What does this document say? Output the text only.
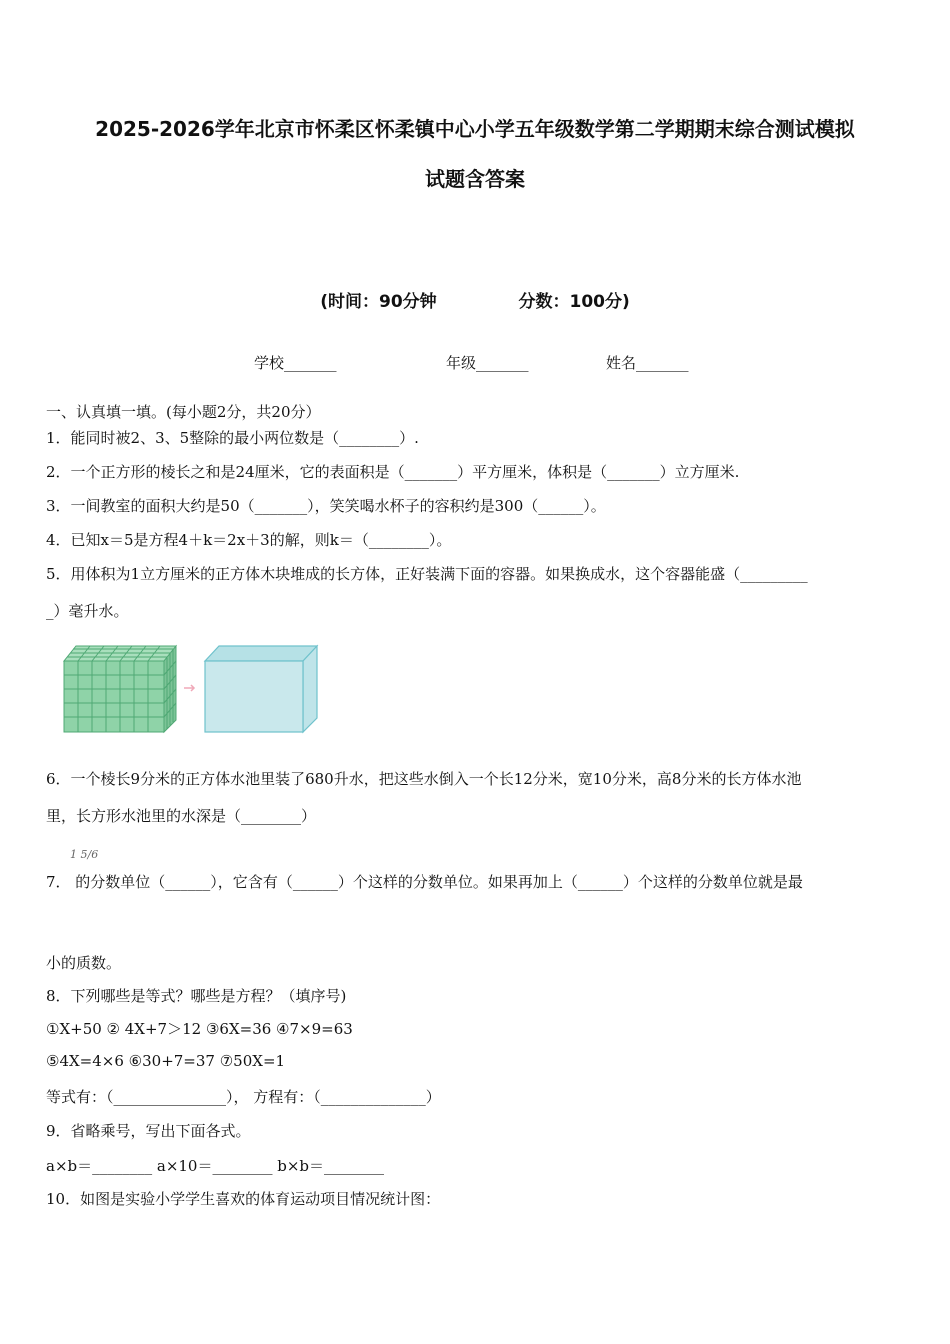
2025-2026学年北京市怀柔区怀柔镇中心小学五年级数学第二学期期末综合测试模拟
试题含答案
(时间：90分钟	分数：100分)
学校_______	年级_______	姓名_______
一、认真填一填。(每小题2分，共20分）
1．能同时被2、3、5整除的最小两位数是（________）.
2．一个正方形的棱长之和是24厘米，它的表面积是（_______）平方厘米，体积是（_______）立方厘米.
3．一间教室的面积大约是50（_______），笑笑喝水杯子的容积约是300（______）。
4．已知x＝5是方程4＋k＝2x＋3的解，则k＝（________）。
5．用体积为1立方厘米的正方体木块堆成的长方体，正好装满下面的容器。如果换成水，这个容器能盛（_________
_）毫升水。
6．一个棱长9分米的正方体水池里装了680升水，把这些水倒入一个长12分米，宽10分米，高8分米的长方体水池
里，长方形水池里的水深是（________）
1 5/6
7． 的分数单位（______），它含有（______）个这样的分数单位。如果再加上（______）个这样的分数单位就是最
小的质数。
8．下列哪些是等式？哪些是方程？（填序号)
①X+50 ② 4X+7＞12 ③6X=36 ④7×9=63
⑤4X=4×6 ⑥30+7=37 ⑦50X=1
等式有：（_______________）， 方程有：（______________）
9．省略乘号，写出下面各式。
a×b＝________ a×10＝________ b×b＝________
10．如图是实验小学学生喜欢的体育运动项目情况统计图：
